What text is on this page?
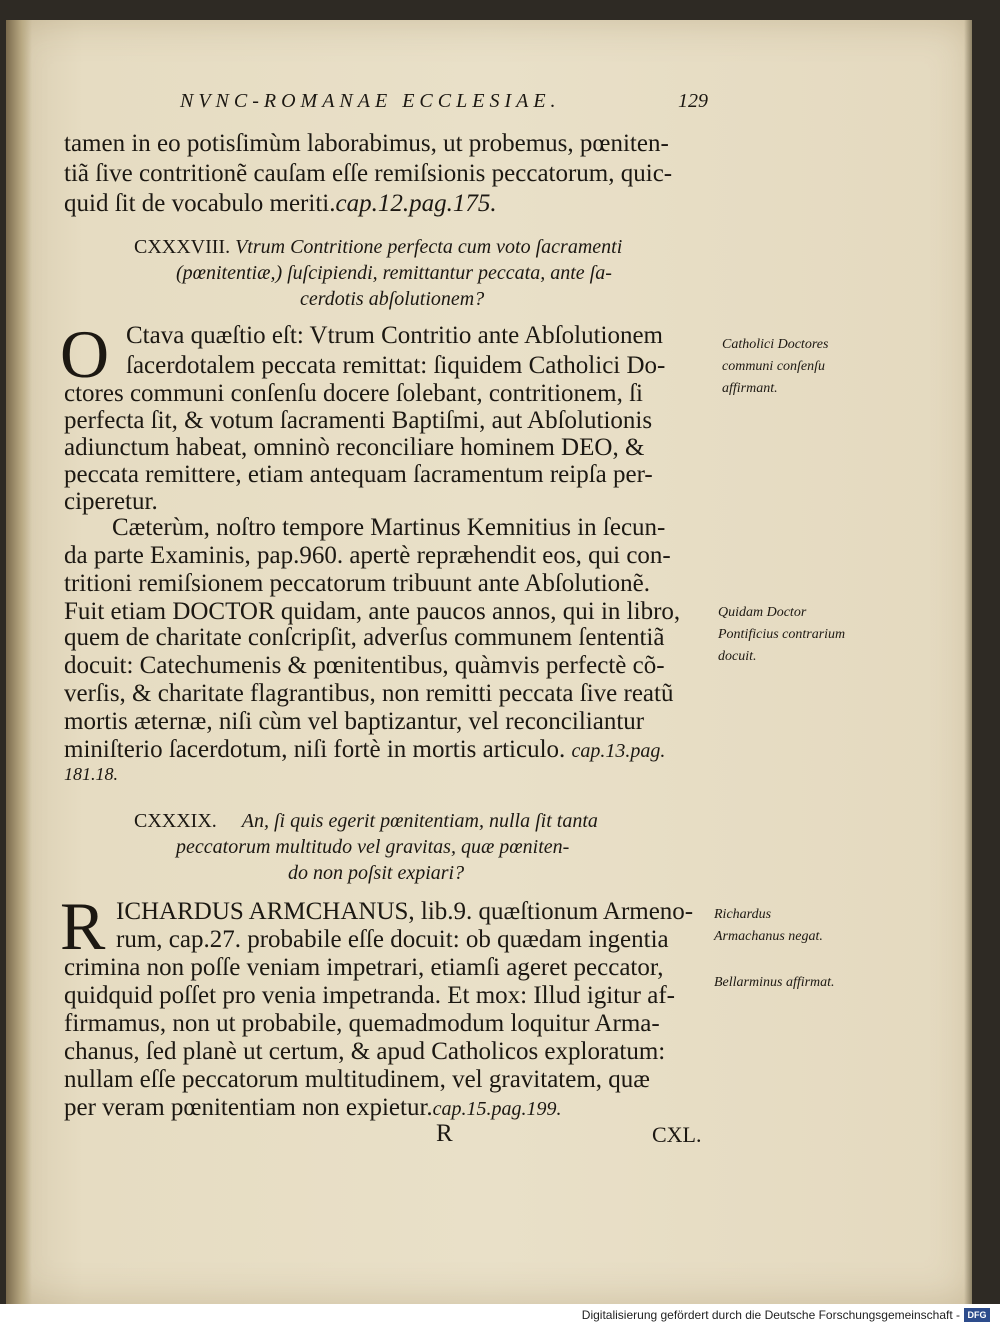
NVNC-ROMANAE ECCLESIAE.	129
tamen in eo potisſimùm laborabimus, ut probemus, pœniten-
tiã ſive contritionẽ cauſam eſſe remiſsionis peccatorum, quic-
quid ſit de vocabulo meriti.cap.12.pag.175.
CXXXVIII. Vtrum Contritione perfecta cum voto ſacramenti
(pœnitentiæ,) ſuſcipiendi, remittantur peccata, ante ſa-
cerdotis abſolutionem?
O Ctava quæſtio eſt: Vtrum Contritio ante Abſolutionem
ſacerdotalem peccata remittat: ſiquidem Catholici Do-
ctores communi conſenſu docere ſolebant, contritionem, ſi
perfecta ſit, & votum ſacramenti Baptiſmi, aut Abſolutionis
adiunctum habeat, omninò reconciliare hominem DEO, &
peccata remittere, etiam antequam ſacramentum reipſa per-
ciperetur.
Cæterùm, noſtro tempore Martinus Kemnitius in ſecun-
da parte Examinis, pap.960. apertè repræhendit eos, qui con-
tritioni remiſsionem peccatorum tribuunt ante Abſolutionẽ.
Fuit etiam DOCTOR quidam, ante paucos annos, qui in libro,
quem de charitate conſcripſit, adverſus communem ſententiã
docuit: Catechumenis & pœnitentibus, quàmvis perfectè cõ-
verſis, & charitate flagrantibus, non remitti peccata ſive reatũ
mortis æternæ, niſi cùm vel baptizantur, vel reconciliantur
miniſterio ſacerdotum, niſi fortè in mortis articulo. cap.13.pag.
181.18.
CXXXIX. An, ſi quis egerit pœnitentiam, nulla ſit tanta
peccatorum multitudo vel gravitas, quæ pœniten-
do non poſsit expiari?
R ICHARDUS ARMCHANUS, lib.9. quæſtionum Armeno-
rum, cap.27. probabile eſſe docuit: ob quædam ingentia
crimina non poſſe veniam impetrari, etiamſi ageret peccator,
quidquid poſſet pro venia impetranda. Et mox: Illud igitur af-
firmamus, non ut probabile, quemadmodum loquitur Arma-
chanus, ſed planè ut certum, & apud Catholicos exploratum:
nullam eſſe peccatorum multitudinem, vel gravitatem, quæ
per veram pœnitentiam non expietur.cap.15.pag.199.
R	CXL.
Catholici Doctores communi conſenſu affirmant.
Quidam Doctor Pontificius contrarium docuit.
Richardus Armachanus negat.
Bellarminus affirmat.
Digitalisierung gefördert durch die Deutsche Forschungsgemeinschaft - DFG
